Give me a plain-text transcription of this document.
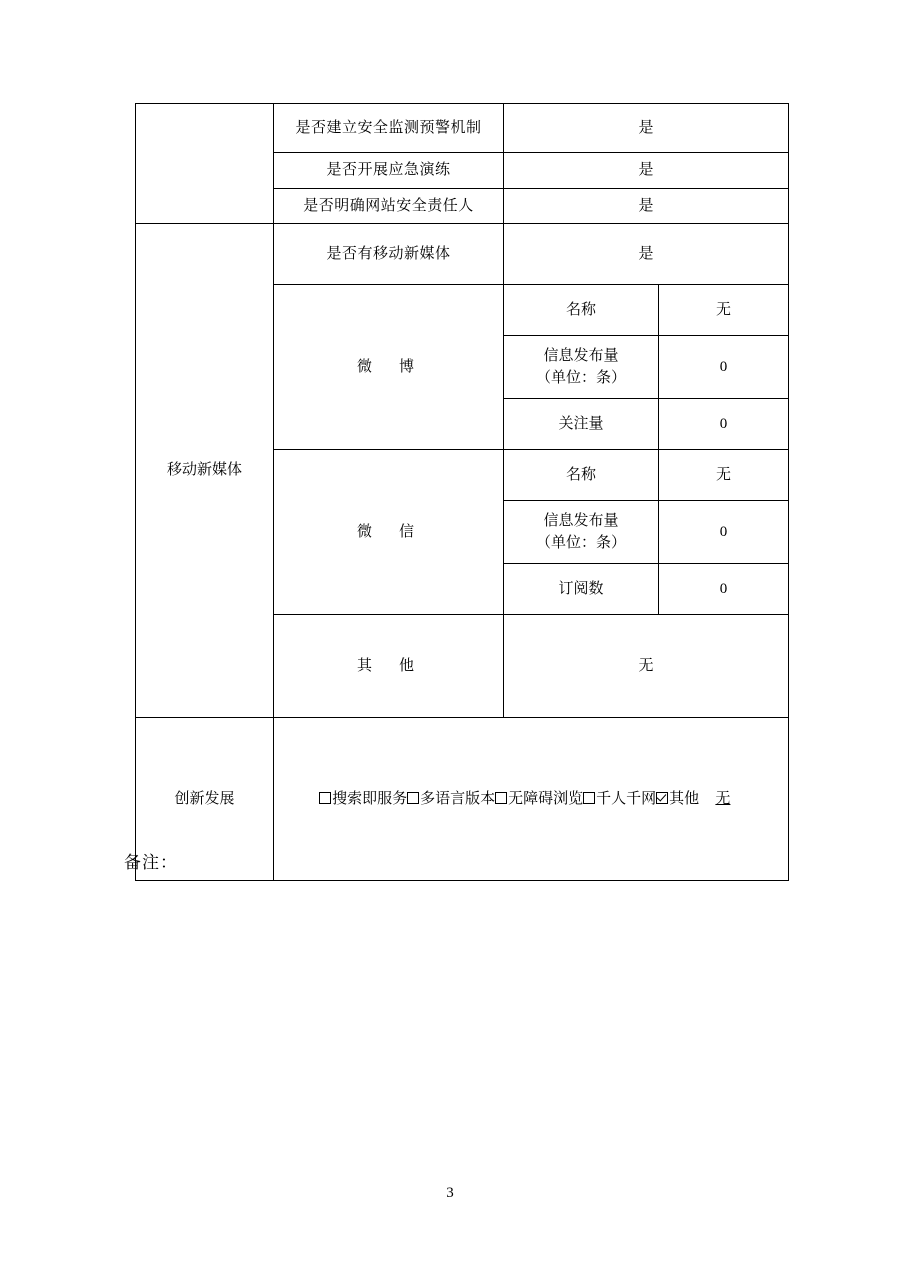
	是否建立安全监测预警机制	是	
	是否开展应急演练	是	
	是否明确网站安全责任人	是	
移动新媒体	是否有移动新媒体	是	
	微　博	名称	无

		信息发布量
（单位：条）	0
		关注量	0
	微　信	名称	无

		信息发布量
（单位：条）	0
		订阅数	0
	其　他	无	
创新发展	搜索即服务 多语言版本 无障碍浏览 千人千网 其他 无		
备注：
3
